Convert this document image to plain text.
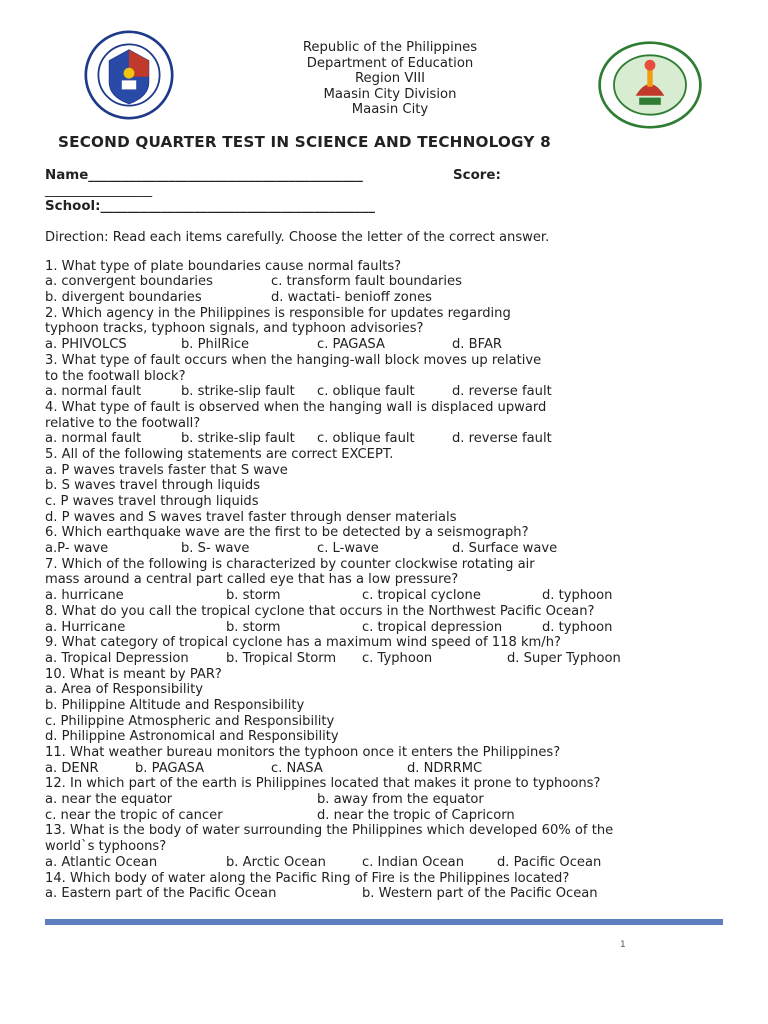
Republic of the Philippines
Department of Education
Region VIII
Maasin City Division
Maasin City
SECOND QUARTER TEST IN SCIENCE AND TECHNOLOGY 8
Name_________________________________________	Score:
________________
School:_________________________________________
Direction: Read each items carefully. Choose the letter of the correct answer.
1. What type of plate boundaries cause normal faults?
a. convergent boundaries	c. transform fault boundaries
b. divergent boundaries	d. wactati- benioff zones
2. Which agency in the Philippines is responsible for updates regarding
typhoon tracks, typhoon signals, and typhoon advisories?
a. PHIVOLCS	b. PhilRice	c. PAGASA	d. BFAR
3. What type of fault occurs when the hanging-wall block moves up relative
to the footwall block?
a. normal fault	b. strike-slip fault c. oblique fault	d. reverse fault
4. What type of fault is observed when the hanging wall is displaced upward
relative to the footwall?
a. normal fault	b. strike-slip fault c. oblique fault	d. reverse fault
5. All of the following statements are correct EXCEPT.
a. P waves travels faster that S wave
b. S waves travel through liquids
c. P waves travel through liquids
d. P waves and S waves travel faster through denser materials
6. Which earthquake wave are the first to be detected by a seismograph?
a.P- wave	b. S- wave	c. L-wave	d. Surface wave
7. Which of the following is characterized by counter clockwise rotating air
mass around a central part called eye that has a low pressure?
a. hurricane	b. storm	c. tropical cyclone	d. typhoon
8. What do you call the tropical cyclone that occurs in the Northwest Pacific Ocean?
a. Hurricane	b. storm	c. tropical depression	d. typhoon
9. What category of tropical cyclone has a maximum wind speed of 118 km/h?
a. Tropical Depression	b. Tropical Storm c. Typhoon	d. Super Typhoon
10. What is meant by PAR?
a. Area of Responsibility
b. Philippine Altitude and Responsibility
c. Philippine Atmospheric and Responsibility
d. Philippine Astronomical and Responsibility
11. What weather bureau monitors the typhoon once it enters the Philippines?
a. DENR	b. PAGASA	c. NASA	d. NDRRMC
12. In which part of the earth is Philippines located that makes it prone to typhoons?
a. near the equator	b. away from the equator
c. near the tropic of cancer	d. near the tropic of Capricorn
13. What is the body of water surrounding the Philippines which developed 60% of the
world`s typhoons?
a. Atlantic Ocean	b. Arctic Ocean	c. Indian Ocean	d. Pacific Ocean
14. Which body of water along the Pacific Ring of Fire is the Philippines located?
a. Eastern part of the Pacific Ocean	b. Western part of the Pacific Ocean
1
